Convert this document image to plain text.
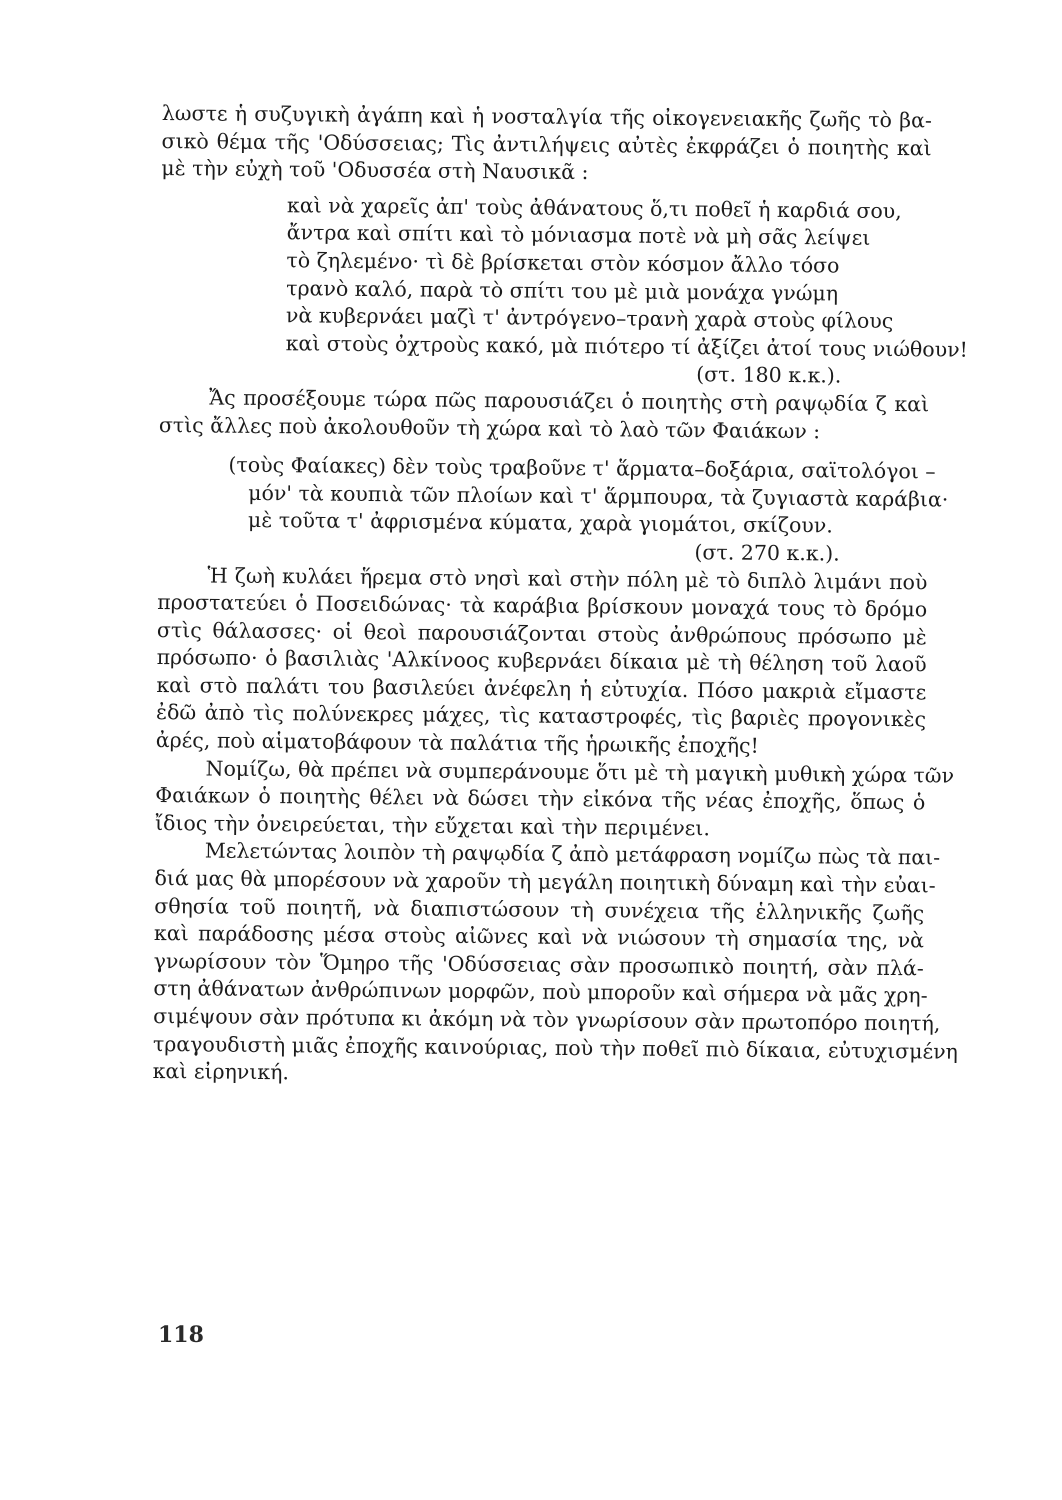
λωστε ἡ συζυγικὴ ἀγάπη καὶ ἡ νοσταλγία τῆς οἰκογενειακῆς ζωῆς τὸ βα-
σικὸ θέμα τῆς 'Οδύσσειας; Τὶς ἀντιλήψεις αὐτὲς ἐκφράζει ὁ ποιητὴς καὶ
μὲ τὴν εὐχὴ τοῦ 'Οδυσσέα στὴ Ναυσικᾶ :
καὶ νὰ χαρεῖς ἀπ' τοὺς ἀθάνατους ὅ,τι ποθεῖ ἡ καρδιά σου,
ἄντρα καὶ σπίτι καὶ τὸ μόνιασμα ποτὲ νὰ μὴ σᾶς λείψει
τὸ ζηλεμένο· τὶ δὲ βρίσκεται στὸν κόσμον ἄλλο τόσο
τρανὸ καλό, παρὰ τὸ σπίτι του μὲ μιὰ μονάχα γνώμη
νὰ κυβερνάει μαζὶ τ' ἀντρόγενο–τρανὴ χαρὰ στοὺς φίλους
καὶ στοὺς ὀχτροὺς κακό, μὰ πιότερο τί ἀξίζει ἀτοί τους νιώθουν!
(στ. 180 κ.κ.).
Ἄς προσέξουμε τώρα πῶς παρουσιάζει ὁ ποιητὴς στὴ ραψῳδία ζ καὶ
στὶς ἄλλες ποὺ ἀκολουθοῦν τὴ χώρα καὶ τὸ λαὸ τῶν Φαιάκων :
(τοὺς Φαίακες) δὲν τοὺς τραβοῦνε τ' ἅρματα–δοξάρια, σαϊτολόγοι –
μόν' τὰ κουπιὰ τῶν πλοίων καὶ τ' ἅρμπουρα, τὰ ζυγιαστὰ καράβια·
μὲ τοῦτα τ' ἀφρισμένα κύματα, χαρὰ γιομάτοι, σκίζουν.
(στ. 270 κ.κ.).
Ἡ ζωὴ κυλάει ἥρεμα στὸ νησὶ καὶ στὴν πόλη μὲ τὸ διπλὸ λιμάνι ποὺ
προστατεύει ὁ Ποσειδώνας· τὰ καράβια βρίσκουν μοναχά τους τὸ δρόμο
στὶς θάλασσες· οἱ θεοὶ παρουσιάζονται στοὺς ἀνθρώπους πρόσωπο μὲ
πρόσωπο· ὁ βασιλιὰς 'Αλκίνοος κυβερνάει δίκαια μὲ τὴ θέληση τοῦ λαοῦ
καὶ στὸ παλάτι του βασιλεύει ἀνέφελη ἡ εὐτυχία. Πόσο μακριὰ εἴμαστε
ἐδῶ ἀπὸ τὶς πολύνεκρες μάχες, τὶς καταστροφές, τὶς βαριὲς προγονικὲς
ἀρές, ποὺ αἱματοβάφουν τὰ παλάτια τῆς ἡρωικῆς ἐποχῆς!
Νομίζω, θὰ πρέπει νὰ συμπεράνουμε ὅτι μὲ τὴ μαγικὴ μυθικὴ χώρα τῶν
Φαιάκων ὁ ποιητὴς θέλει νὰ δώσει τὴν εἰκόνα τῆς νέας ἐποχῆς, ὅπως ὁ
ἴδιος τὴν ὀνειρεύεται, τὴν εὔχεται καὶ τὴν περιμένει.
Μελετώντας λοιπὸν τὴ ραψῳδία ζ ἀπὸ μετάφραση νομίζω πὼς τὰ παι-
διά μας θὰ μπορέσουν νὰ χαροῦν τὴ μεγάλη ποιητικὴ δύναμη καὶ τὴν εὐαι-
σθησία τοῦ ποιητῆ, νὰ διαπιστώσουν τὴ συνέχεια τῆς ἑλληνικῆς ζωῆς
καὶ παράδοσης μέσα στοὺς αἰῶνες καὶ νὰ νιώσουν τὴ σημασία της, νὰ
γνωρίσουν τὸν Ὅμηρο τῆς 'Οδύσσειας σὰν προσωπικὸ ποιητή, σὰν πλά-
στη ἀθάνατων ἀνθρώπινων μορφῶν, ποὺ μποροῦν καὶ σήμερα νὰ μᾶς χρη-
σιμέψουν σὰν πρότυπα κι ἀκόμη νὰ τὸν γνωρίσουν σὰν πρωτοπόρο ποιητή,
τραγουδιστὴ μιᾶς ἐποχῆς καινούριας, ποὺ τὴν ποθεῖ πιὸ δίκαια, εὐτυχισμένη
καὶ εἰρηνική.
118
